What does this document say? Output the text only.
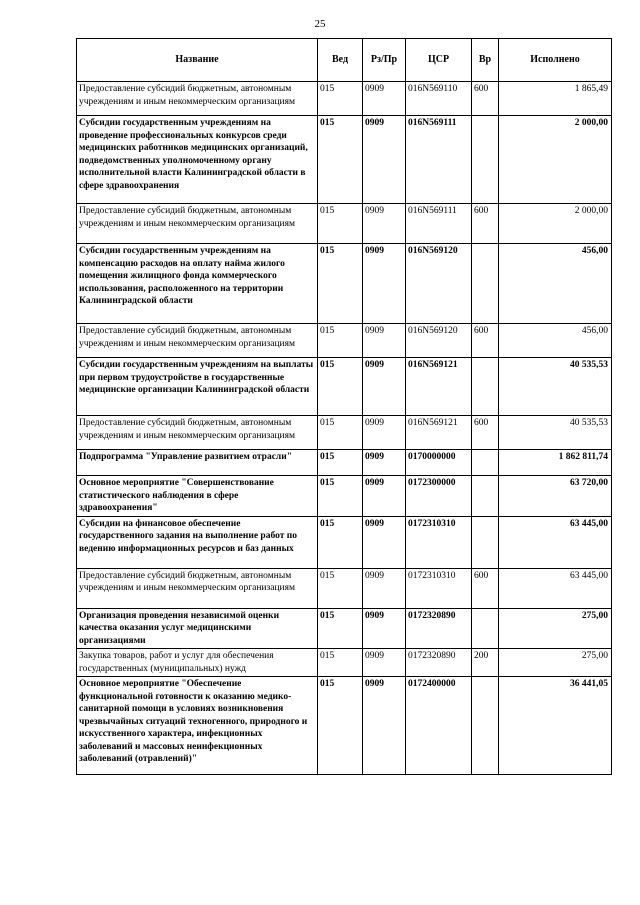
25
Название	Вед	Рз/Пр	ЦСР	Вр	Исполнено
Предоставление субсидий бюджетным, автономным учреждениям и иным некоммерческим организациям	015	0909	016N569110	600	1 865,49
Субсидии государственным учреждениям на проведение профессиональных конкурсов среди медицинских работников медицинских организаций, подведомственных уполномоченному органу исполнительной власти Калининградской области в сфере здравоохранения	015	0909	016N569111		2 000,00
Предоставление субсидий бюджетным, автономным учреждениям и иным некоммерческим организациям	015	0909	016N569111	600	2 000,00
Субсидии государственным учреждениям на компенсацию расходов на оплату найма жилого помещения жилищного фонда коммерческого использования, расположенного на территории Калининградской области	015	0909	016N569120		456,00
Предоставление субсидий бюджетным, автономным учреждениям и иным некоммерческим организациям	015	0909	016N569120	600	456,00
Субсидии государственным учреждениям на выплаты при первом трудоустройстве в государственные медицинские организации Калининградской области	015	0909	016N569121		40 535,53
Предоставление субсидий бюджетным, автономным учреждениям и иным некоммерческим организациям	015	0909	016N569121	600	40 535,53
Подпрограмма "Управление развитием отрасли"	015	0909	0170000000		1 862 811,74
Основное мероприятие "Совершенствование статистического наблюдения в сфере здравоохранения"	015	0909	0172300000		63 720,00
Субсидии на финансовое обеспечение государственного задания на выполнение работ по ведению информационных ресурсов и баз данных	015	0909	0172310310		63 445,00
Предоставление субсидий бюджетным, автономным учреждениям и иным некоммерческим организациям	015	0909	0172310310	600	63 445,00
Организация проведения независимой оценки качества оказания услуг медицинскими организациями	015	0909	0172320890		275,00
Закупка товаров, работ и услуг для обеспечения государственных (муниципальных) нужд	015	0909	0172320890	200	275,00
Основное мероприятие "Обеспечение функциональной готовности к оказанию медико-санитарной помощи в условиях возникновения чрезвычайных ситуаций техногенного, природного и искусственного характера, инфекционных заболеваний и массовых неинфекционных заболеваний (отравлений)"	015	0909	0172400000		36 441,05
